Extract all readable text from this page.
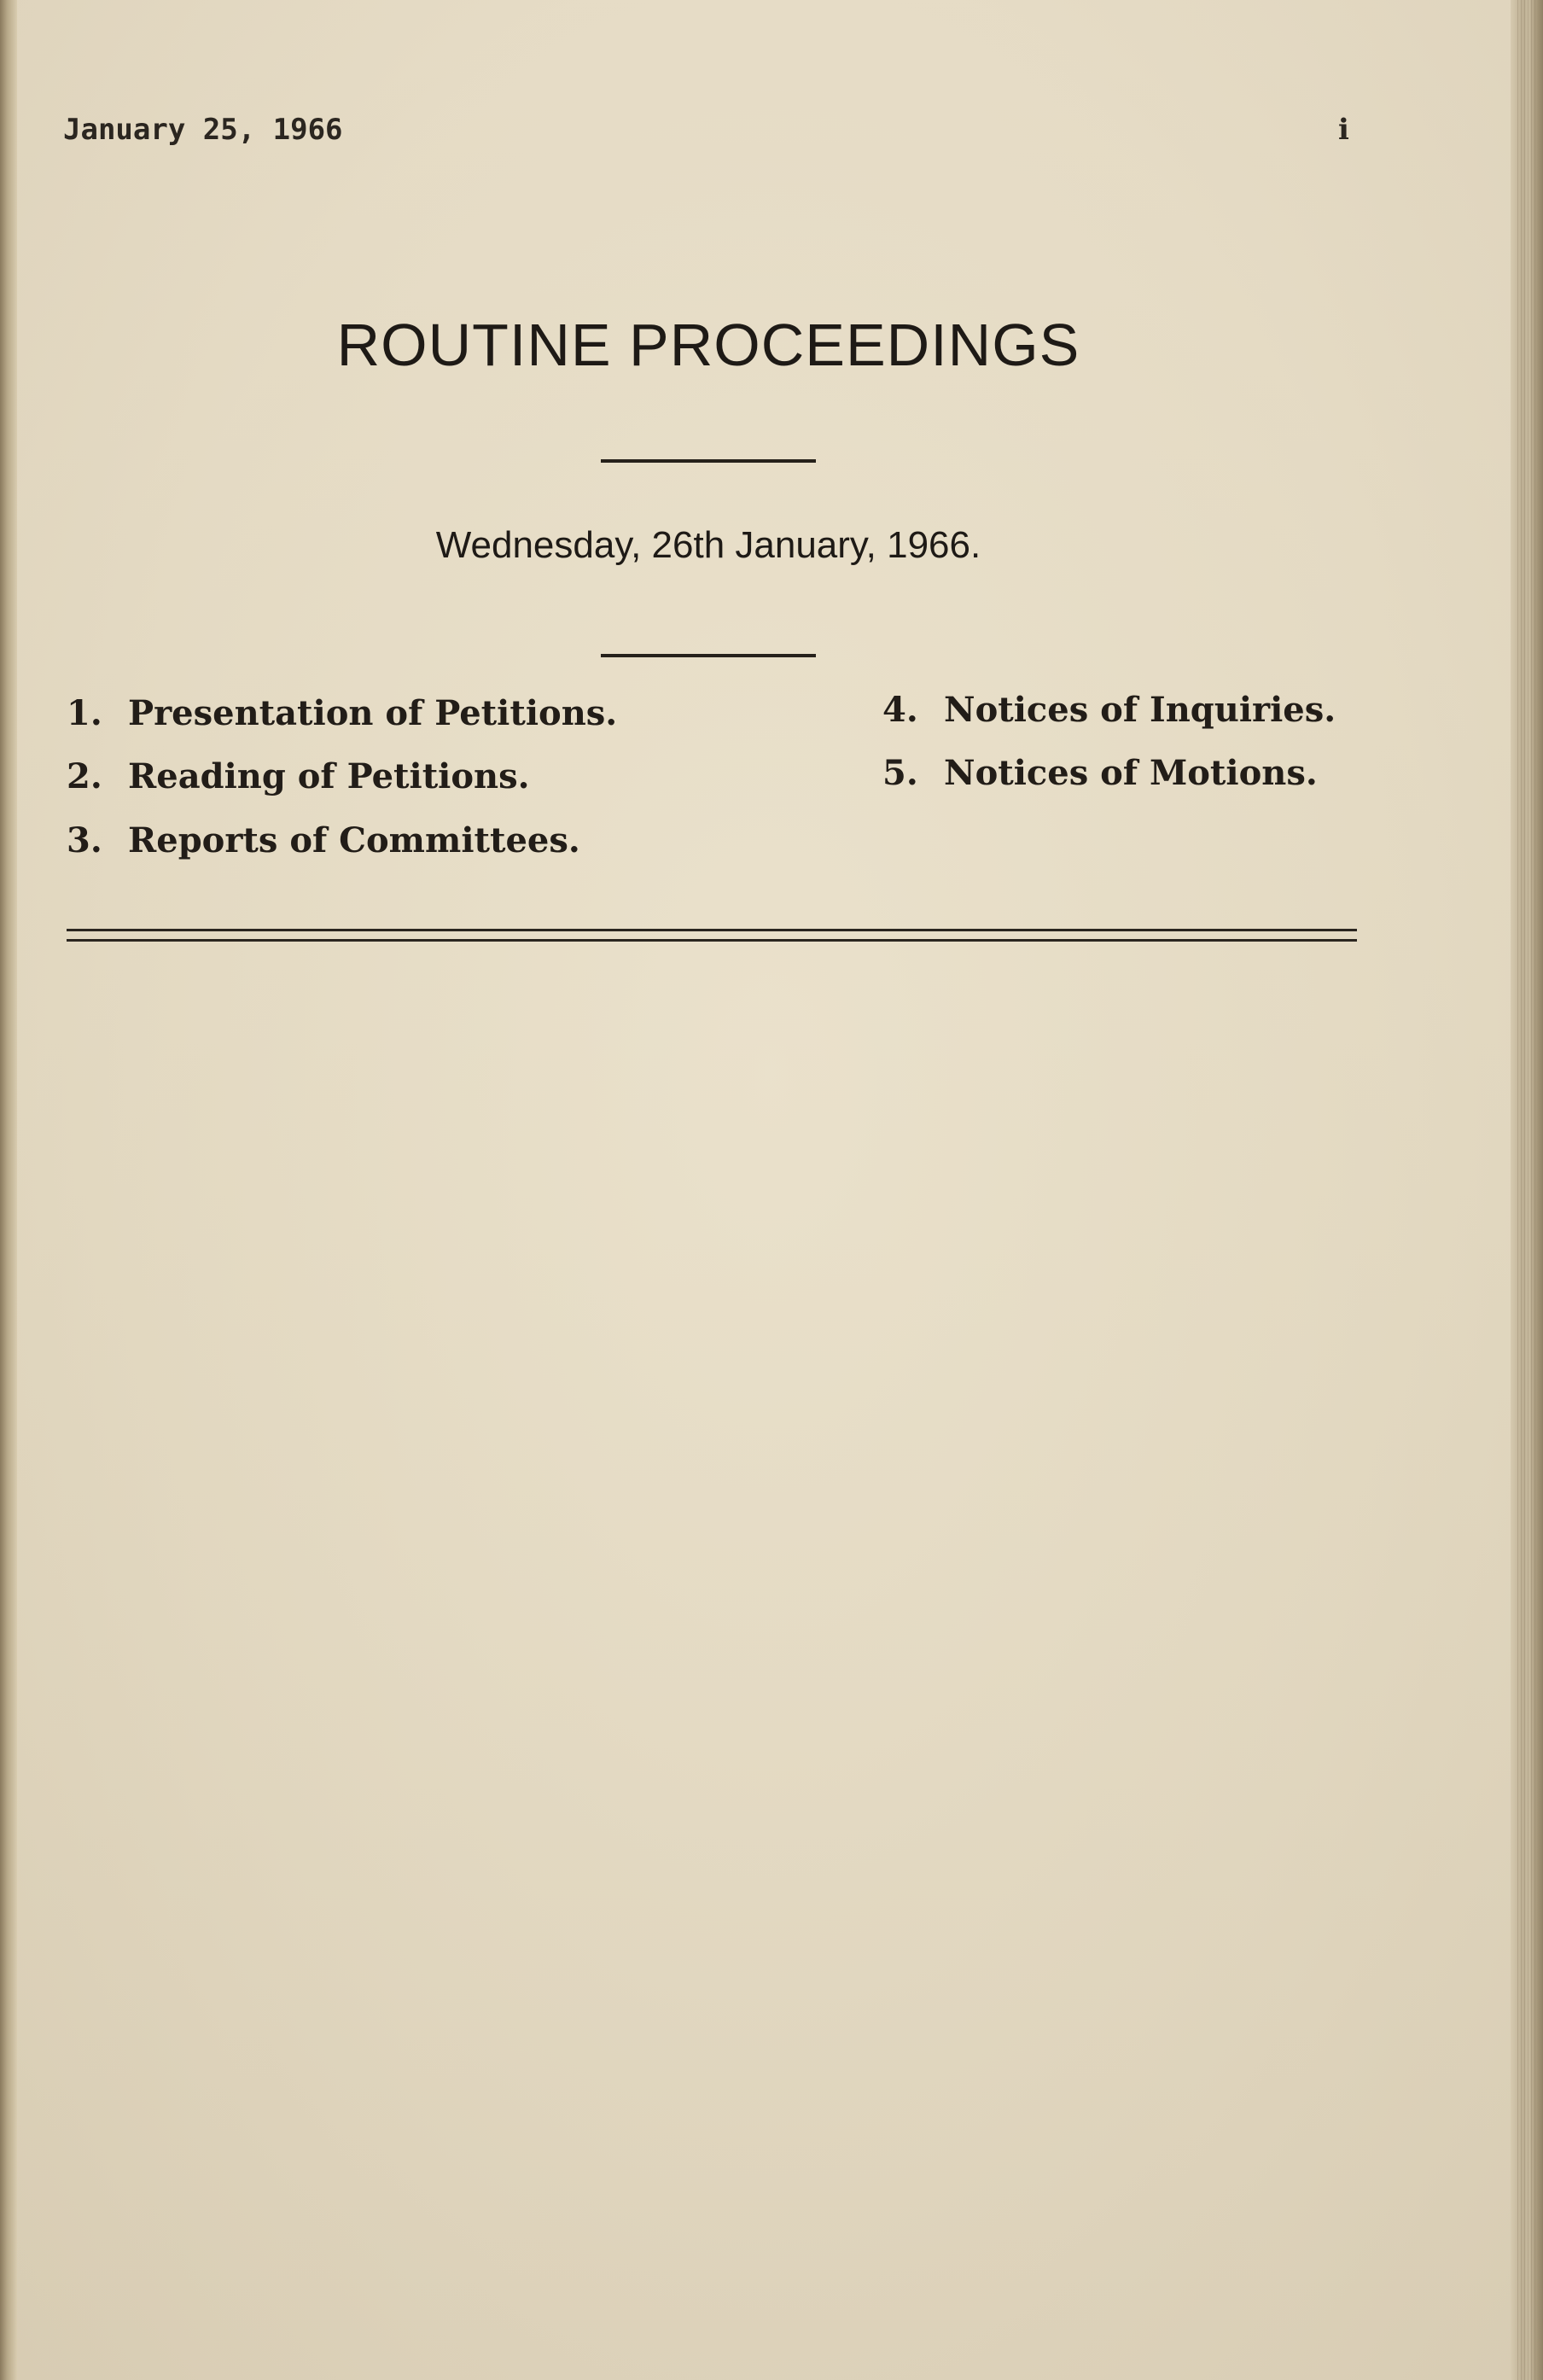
January 25, 1966	i
ROUTINE PROCEEDINGS
Wednesday, 26th January, 1966.
1. Presentation of Petitions.
2. Reading of Petitions.
3. Reports of Committees.
4. Notices of Inquiries.
5. Notices of Motions.
